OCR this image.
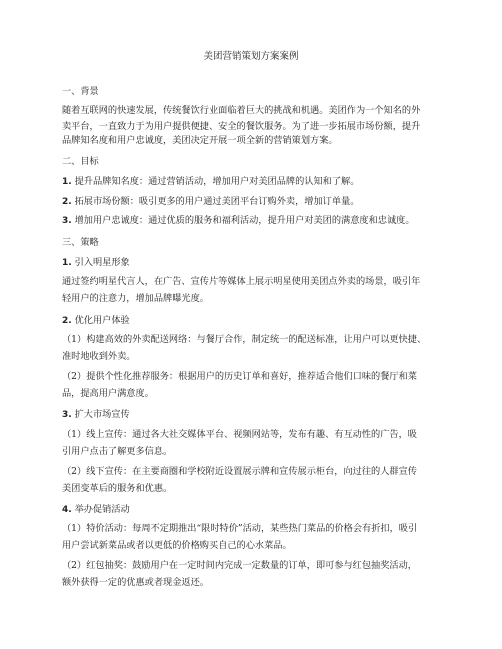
美团营销策划方案案例
一、背景
随着互联网的快速发展，传统餐饮行业面临着巨大的挑战和机遇。美团作为一个知名的外
卖平台，一直致力于为用户提供便捷、安全的餐饮服务。为了进一步拓展市场份额，提升
品牌知名度和用户忠诚度，美团决定开展一项全新的营销策划方案。
二、目标
1. 提升品牌知名度：通过营销活动，增加用户对美团品牌的认知和了解。
2. 拓展市场份额：吸引更多的用户通过美团平台订购外卖，增加订单量。
3. 增加用户忠诚度：通过优质的服务和福利活动，提升用户对美团的满意度和忠诚度。
三、策略
1. 引入明星形象
通过签约明星代言人，在广告、宣传片等媒体上展示明星使用美团点外卖的场景，吸引年
轻用户的注意力，增加品牌曝光度。
2. 优化用户体验
（1）构建高效的外卖配送网络：与餐厅合作，制定统一的配送标准，让用户可以更快捷、
准时地收到外卖。
（2）提供个性化推荐服务：根据用户的历史订单和喜好，推荐适合他们口味的餐厅和菜
品，提高用户满意度。
3. 扩大市场宣传
（1）线上宣传：通过各大社交媒体平台、视频网站等，发布有趣、有互动性的广告，吸
引用户点击了解更多信息。
（2）线下宣传：在主要商圈和学校附近设置展示牌和宣传展示柜台，向过往的人群宣传
美团变革后的服务和优惠。
4. 举办促销活动
（1）特价活动：每周不定期推出“限时特价”活动，某些热门菜品的价格会有折扣，吸引
用户尝试新菜品或者以更低的价格购买自己的心水菜品。
（2）红包抽奖：鼓励用户在一定时间内完成一定数量的订单，即可参与红包抽奖活动，
额外获得一定的优惠或者现金返还。
